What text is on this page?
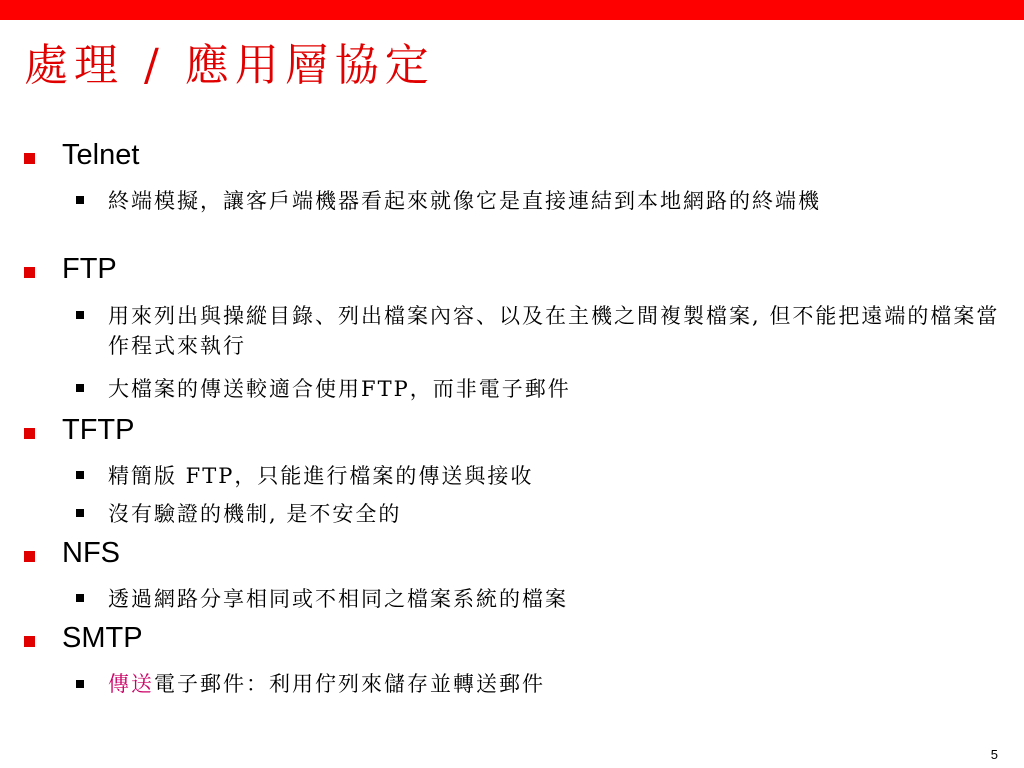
處理 / 應用層協定
Telnet
終端模擬，讓客戶端機器看起來就像它是直接連結到本地網路的終端機
FTP
用來列出與操縱目錄、列出檔案內容、以及在主機之間複製檔案, 但不能把遠端的檔案當作程式來執行
大檔案的傳送較適合使用FTP，而非電子郵件
TFTP
精簡版 FTP，只能進行檔案的傳送與接收
沒有驗證的機制, 是不安全的
NFS
透過網路分享相同或不相同之檔案系統的檔案
SMTP
傳送電子郵件：利用佇列來儲存並轉送郵件
5
